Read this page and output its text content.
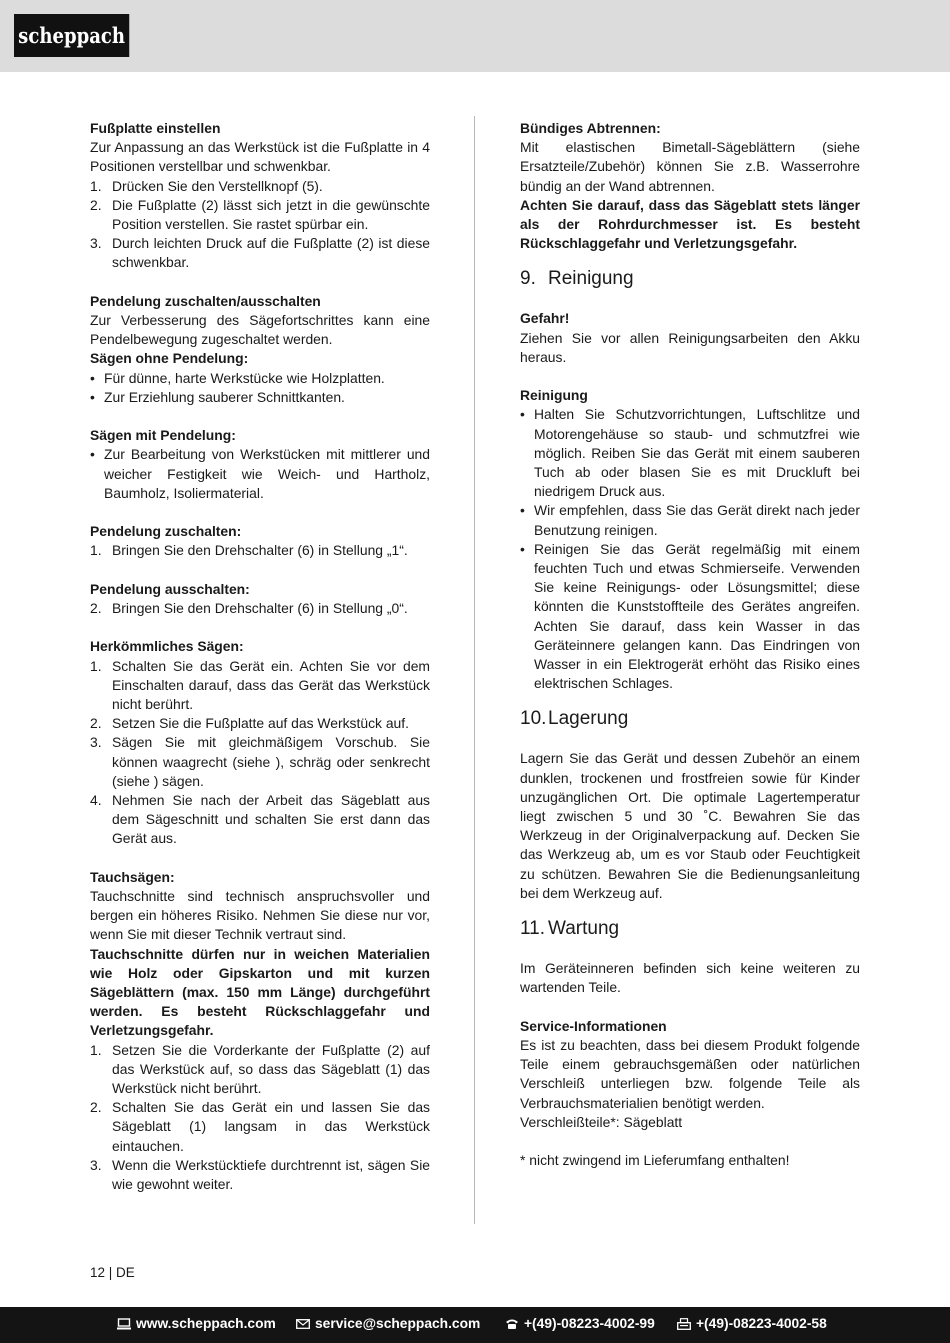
scheppach

Fußplatte einstellen

Zur Anpassung an das Werkstück ist die Fußplatte in 4 Positionen verstellbar und schwenkbar.

1. Drücken Sie den Verstellknopf (5).
2. Die Fußplatte (2) lässt sich jetzt in die gewünschte Position verstellen. Sie rastet spürbar ein.
3. Durch leichten Druck auf die Fußplatte (2) ist diese schwenkbar.

Pendelung zuschalten/ausschalten

Zur Verbesserung des Sägefortschrittes kann eine Pendelbewegung zugeschaltet werden.

Sägen ohne Pendelung:

• Für dünne, harte Werkstücke wie Holzplatten.
• Zur Erziehlung sauberer Schnittkanten.

Sägen mit Pendelung:

• Zur Bearbeitung von Werkstücken mit mittlerer und weicher Festigkeit wie Weich- und Hartholz, Baumholz, Isoliermaterial.

Pendelung zuschalten:

1. Bringen Sie den Drehschalter (6) in Stellung „1“.

Pendelung ausschalten:

2. Bringen Sie den Drehschalter (6) in Stellung „0“.

Herkömmliches Sägen:

1. Schalten Sie das Gerät ein. Achten Sie vor dem Einschalten darauf, dass das Gerät das Werkstück nicht berührt.
2. Setzen Sie die Fußplatte auf das Werkstück auf.
3. Sägen Sie mit gleichmäßigem Vorschub. Sie können waagrecht (siehe ), schräg oder senkrecht (siehe ) sägen.
4. Nehmen Sie nach der Arbeit das Sägeblatt aus dem Sägeschnitt und schalten Sie erst dann das Gerät aus.

Tauchsägen:

Tauchschnitte sind technisch anspruchsvoller und bergen ein höheres Risiko. Nehmen Sie diese nur vor, wenn Sie mit dieser Technik vertraut sind.

Tauchschnitte dürfen nur in weichen Materialien wie Holz oder Gipskarton und mit kurzen Sägeblättern (max. 150 mm Länge) durchgeführt werden. Es besteht Rückschlaggefahr und Verletzungsgefahr.

1. Setzen Sie die Vorderkante der Fußplatte (2) auf das Werkstück auf, so dass das Sägeblatt (1) das Werkstück nicht berührt.
2. Schalten Sie das Gerät ein und lassen Sie das Sägeblatt (1) langsam in das Werkstück eintauchen.
3. Wenn die Werkstücktiefe durchtrennt ist, sägen Sie wie gewohnt weiter.

Bündiges Abtrennen:

Mit elastischen Bimetall-Sägeblättern (siehe Ersatzteile/Zubehör) können Sie z.B. Wasserrohre bündig an der Wand abtrennen.

Achten Sie darauf, dass das Sägeblatt stets länger als der Rohrdurchmesser ist. Es besteht Rückschlaggefahr und Verletzungsgefahr.

9. Reinigung

Gefahr!

Ziehen Sie vor allen Reinigungsarbeiten den Akku heraus.

Reinigung

• Halten Sie Schutzvorrichtungen, Luftschlitze und Motorengehäuse so staub- und schmutzfrei wie möglich. Reiben Sie das Gerät mit einem sauberen Tuch ab oder blasen Sie es mit Druckluft bei niedrigem Druck aus.
• Wir empfehlen, dass Sie das Gerät direkt nach jeder Benutzung reinigen.
• Reinigen Sie das Gerät regelmäßig mit einem feuchten Tuch und etwas Schmierseife. Verwenden Sie keine Reinigungs- oder Lösungsmittel; diese könnten die Kunststoffteile des Gerätes angreifen. Achten Sie darauf, dass kein Wasser in das Geräteinnere gelangen kann. Das Eindringen von Wasser in ein Elektrogerät erhöht das Risiko eines elektrischen Schlages.
10. Lagerung

Lagern Sie das Gerät und dessen Zubehör an einem dunklen, trockenen und frostfreien sowie für Kinder unzugänglichen Ort. Die optimale Lagertemperatur liegt zwischen 5 und 30 ˚C. Bewahren Sie das Werkzeug in der Originalverpackung auf. Decken Sie das Werkzeug ab, um es vor Staub oder Feuchtigkeit zu schützen. Bewahren Sie die Bedienungsanleitung bei dem Werkzeug auf.

11. Wartung

Im Geräteinneren befinden sich keine weiteren zu wartenden Teile.

Service-Informationen

Es ist zu beachten, dass bei diesem Produkt folgende Teile einem gebrauchsgemäßen oder natürlichen Verschleiß unterliegen bzw. folgende Teile als Verbrauchsmaterialien benötigt werden.

Verschleißteile*: Sägeblatt

* nicht zwingend im Lieferumfang enthalten!

12 | DE
www.scheppach.com	service@scheppach.com	+(49)-08223-4002-99	+(49)-08223-4002-58
